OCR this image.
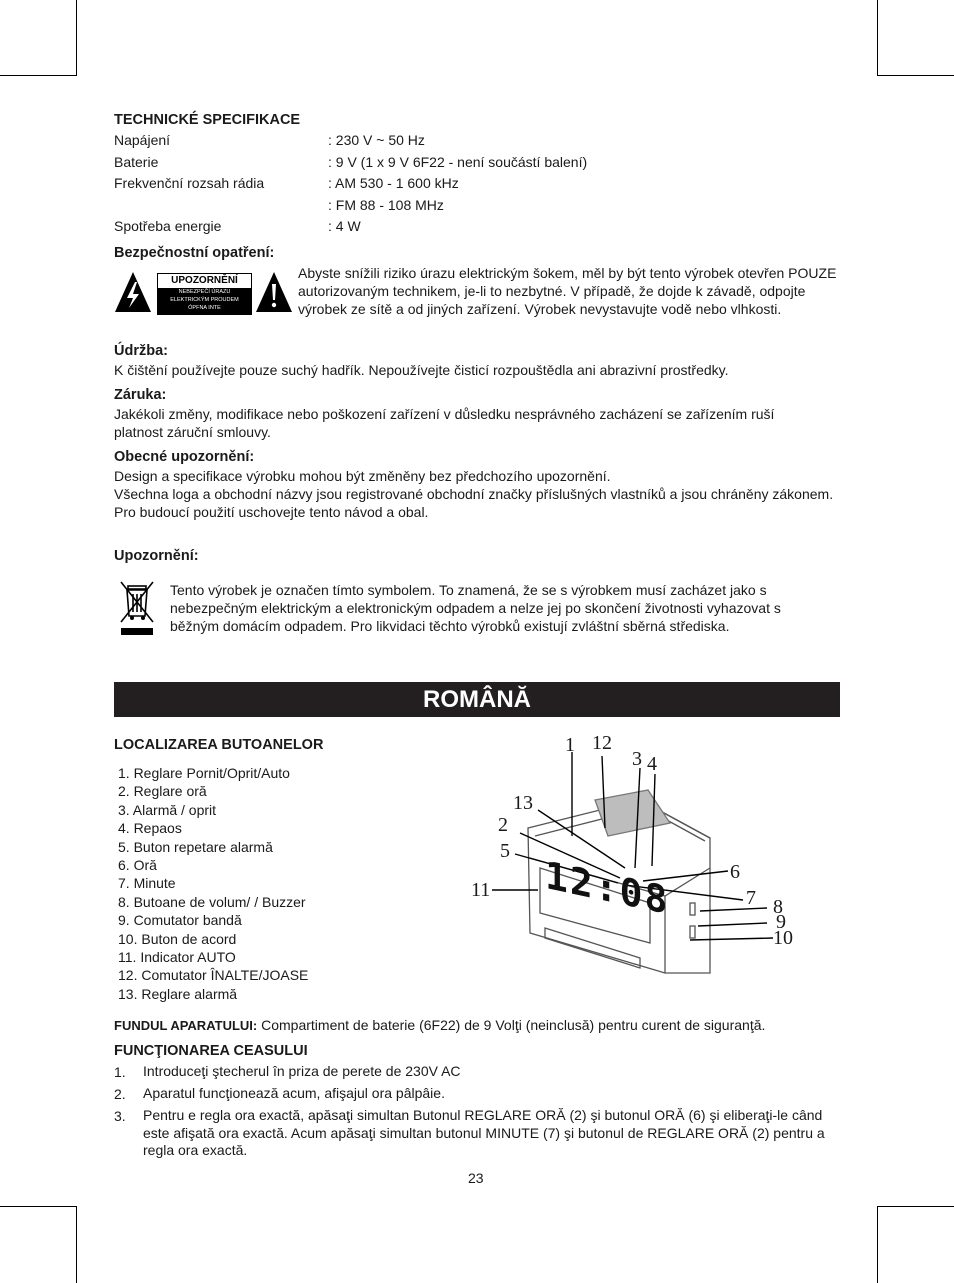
TECHNICKÉ SPECIFIKACE
Napájení	: 230 V ~ 50 Hz
Baterie	: 9 V (1 x 9 V 6F22 - není součástí balení)
Frekvenční rozsah rádia	: AM 530 - 1 600 kHz
: FM 88 - 108 MHz
Spotřeba energie	: 4 W
Bezpečnostní opatření:
UPOZORNĚNÍ
NEBEZPEČÍ ÚRAZU
ELEKTRICKÝM PROUDEM
ÓPFNA INTE
Abyste snížili riziko úrazu elektrickým šokem, měl by být tento výrobek otevřen POUZE autorizovaným technikem, je-li to nezbytné. V případě, že dojde k závadě, odpojte výrobek ze sítě a od jiných zařízení. Výrobek nevystavujte vodě nebo vlhkosti.
Údržba:
K čištění používejte pouze suchý hadřík. Nepoužívejte čisticí rozpouštědla ani abrazivní prostředky.
Záruka:
Jakékoli změny, modifikace nebo poškození zařízení v důsledku nesprávného zacházení se zařízením ruší platnost záruční smlouvy.
Obecné upozornění:
Design a specifikace výrobku mohou být změněny bez předchozího upozornění.
Všechna loga a obchodní názvy jsou registrované obchodní značky příslušných vlastníků a jsou chráněny zákonem.
Pro budoucí použití uschovejte tento návod a obal.
Upozornění:
Tento výrobek je označen tímto symbolem. To znamená, že se s výrobkem musí zacházet jako s nebezpečným elektrickým a elektronickým odpadem a nelze jej po skončení životnosti vyhazovat s běžným domácím odpadem. Pro likvidaci těchto výrobků existují zvláštní sběrná střediska.
ROMÂNĂ
LOCALIZAREA BUTOANELOR
1. Reglare Pornit/Oprit/Auto
2. Reglare oră
3. Alarmă / oprit
4. Repaos
5. Buton repetare alarmă
6. Oră
7. Minute
8. Butoane de volum/ / Buzzer
9. Comutator bandă
10. Buton de acord
11. Indicator AUTO
12. Comutator ÎNALTE/JOASE
13. Reglare alarmă
12:08
1 12
3 4
13
2
5
6
11	7 8
9
10
FUNDUL APARATULUI: Compartiment de baterie (6F22) de 9 Volţi (neinclusă) pentru curent de siguranţă.
FUNCŢIONAREA CEASULUI
1. Introduceţi ştecherul în priza de perete de 230V AC
2. Aparatul funcţionează acum, afişajul ora pâlpâie.
3. Pentru e regla ora exactă, apăsaţi simultan Butonul REGLARE ORĂ (2) şi butonul ORĂ (6) şi eliberaţi-le când este afişată ora exactă. Acum apăsaţi simultan butonul MINUTE (7) şi butonul de REGLARE ORĂ (2) pentru a regla ora exactă.
23
